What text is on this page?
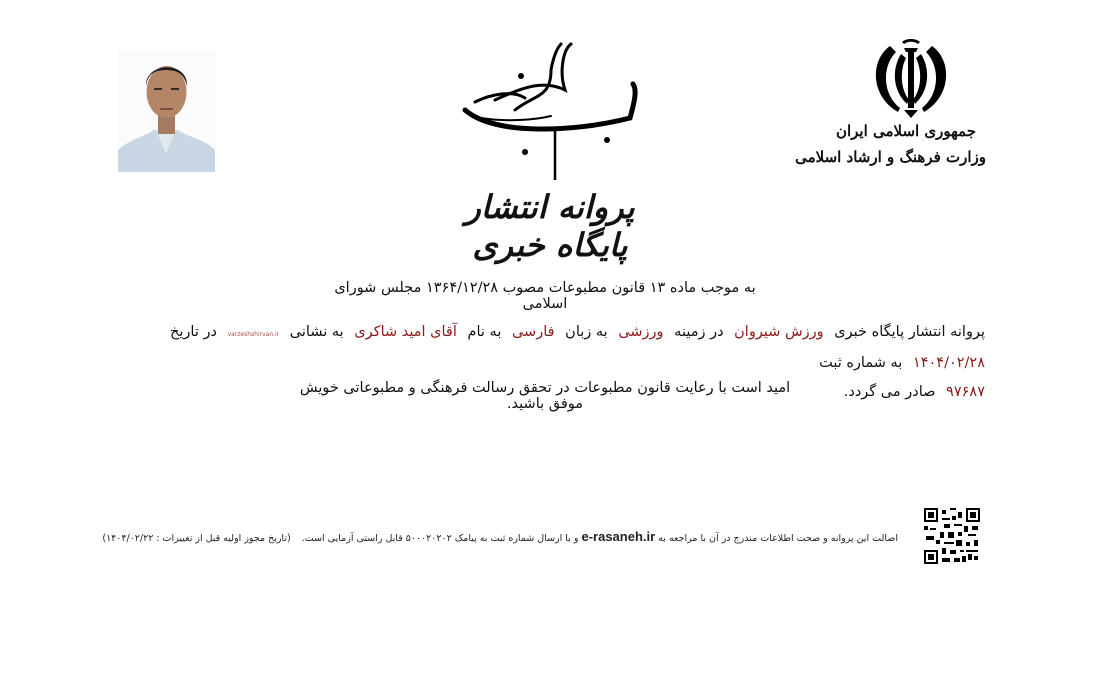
جمهوری اسلامی ایران
وزارت فرهنگ و ارشاد اسلامی
پروانه انتشار پایگاه خبری
به موجب ماده ۱۳ قانون مطبوعات مصوب ۱۳۶۴/۱۲/۲۸ مجلس شورای اسلامی
پروانه انتشار پایگاه خبری ورزش شیروان در زمینه ورزشی به زبان فارسی به نام آقای امید شاکری به نشانی varzeshshirvan.ir در تاریخ ۱۴۰۴/۰۲/۲۸ به شماره ثبت
۹۷۶۸۷ صادر می گردد.
امید است با رعایت قانون مطبوعات در تحقق رسالت فرهنگی و مطبوعاتی خویش موفق باشید.
اصالت این پروانه و صحت اطلاعات مندرج در آن با مراجعه به e-rasaneh.ir و یا ارسال شماره ثبت به پیامک ۵۰۰۰۲۰۲۰۲ قابل راستی آزمایی است. (تاریخ مجوز اولیه قبل از تغییرات : ۱۴۰۴/۰۲/۲۲)
